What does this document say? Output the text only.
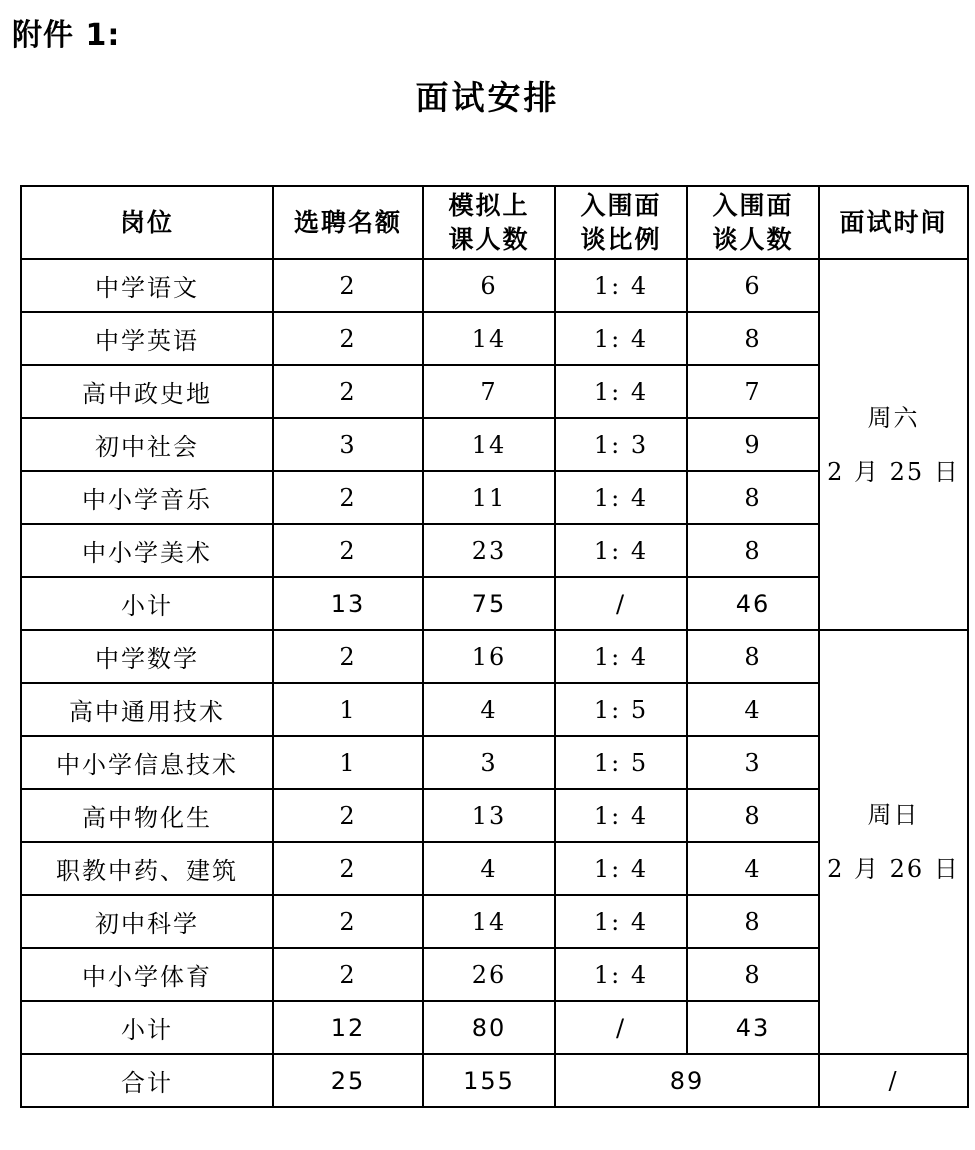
附件 1:
面试安排
岗位	选聘名额	模拟上课人数	入围面谈比例	入围面谈人数	面试时间
中学语文	2	6	1: 4	6	周六
2 月 25 日

中学英语	2	14	1: 4	8	
高中政史地	2	7	1: 4	7	
初中社会	3	14	1: 3	9	
中小学音乐	2	11	1: 4	8	
中小学美术	2	23	1: 4	8	
小计	13	75	/	46	
中学数学	2	16	1: 4	8	周日
2 月 26 日

高中通用技术	1	4	1: 5	4	
中小学信息技术	1	3	1: 5	3	
高中物化生	2	13	1: 4	8	
职教中药、建筑	2	4	1: 4	4	
初中科学	2	14	1: 4	8	
中小学体育	2	26	1: 4	8	
小计	12	80	/	43	
合计	25	155	89		/
